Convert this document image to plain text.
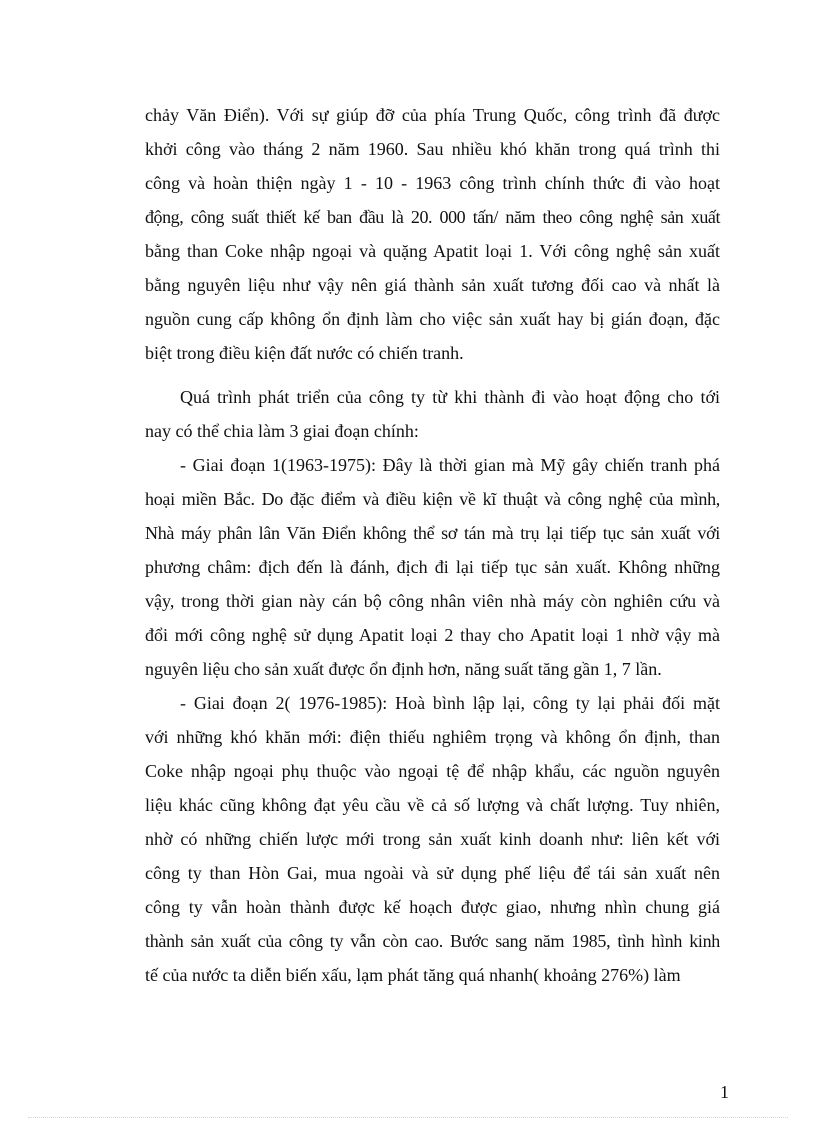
chảy Văn Điển). Với sự giúp đỡ của phía Trung Quốc, công trình đã được
khởi công vào tháng 2 năm 1960. Sau nhiều khó khăn trong quá trình thi
công và hoàn thiện ngày 1 - 10 - 1963 công trình chính thức đi vào hoạt
động, công suất thiết kế ban đầu là 20. 000 tấn/ năm theo công nghệ sản xuất
bằng than Coke nhập ngoại và quặng Apatit loại 1. Với công nghệ sản xuất
bằng nguyên liệu như vậy nên giá thành sản xuất tương đối cao và nhất là
nguồn cung cấp không ổn định làm cho việc sản xuất hay bị gián đoạn, đặc
biệt trong điều kiện đất nước có chiến tranh.
Quá trình phát triển của công ty từ khi thành đi vào hoạt động cho tới
nay có thể chia làm 3 giai đoạn chính:
- Giai đoạn 1(1963-1975): Đây là thời gian mà Mỹ gây chiến tranh phá
hoại miền Bắc. Do đặc điểm và điều kiện về kĩ thuật và công nghệ của mình,
Nhà máy phân lân Văn Điển không thể sơ tán mà trụ lại tiếp tục sản xuất với
phương châm: địch đến là đánh, địch đi lại tiếp tục sản xuất. Không những
vậy, trong thời gian này cán bộ công nhân viên nhà máy còn nghiên cứu và
đổi mới công nghệ sử dụng Apatit loại 2 thay cho Apatit loại 1 nhờ vậy mà
nguyên liệu cho sản xuất được ổn định hơn, năng suất tăng gần 1, 7 lần.
- Giai đoạn 2( 1976-1985): Hoà bình lập lại, công ty lại phải đối mặt
với những khó khăn mới: điện thiếu nghiêm trọng và không ổn định, than
Coke nhập ngoại phụ thuộc vào ngoại tệ để nhập khẩu, các nguồn nguyên
liệu khác cũng không đạt yêu cầu về cả số lượng và chất lượng. Tuy nhiên,
nhờ có những chiến lược mới trong sản xuất kinh doanh như: liên kết với
công ty than Hòn Gai, mua ngoài và sử dụng phế liệu để tái sản xuất nên
công ty vẫn hoàn thành được kế hoạch được giao, nhưng nhìn chung giá
thành sản xuất của công ty vẫn còn cao. Bước sang năm 1985, tình hình kinh
tế của nước ta diễn biến xấu, lạm phát tăng quá nhanh( khoảng 276%) làm
1
